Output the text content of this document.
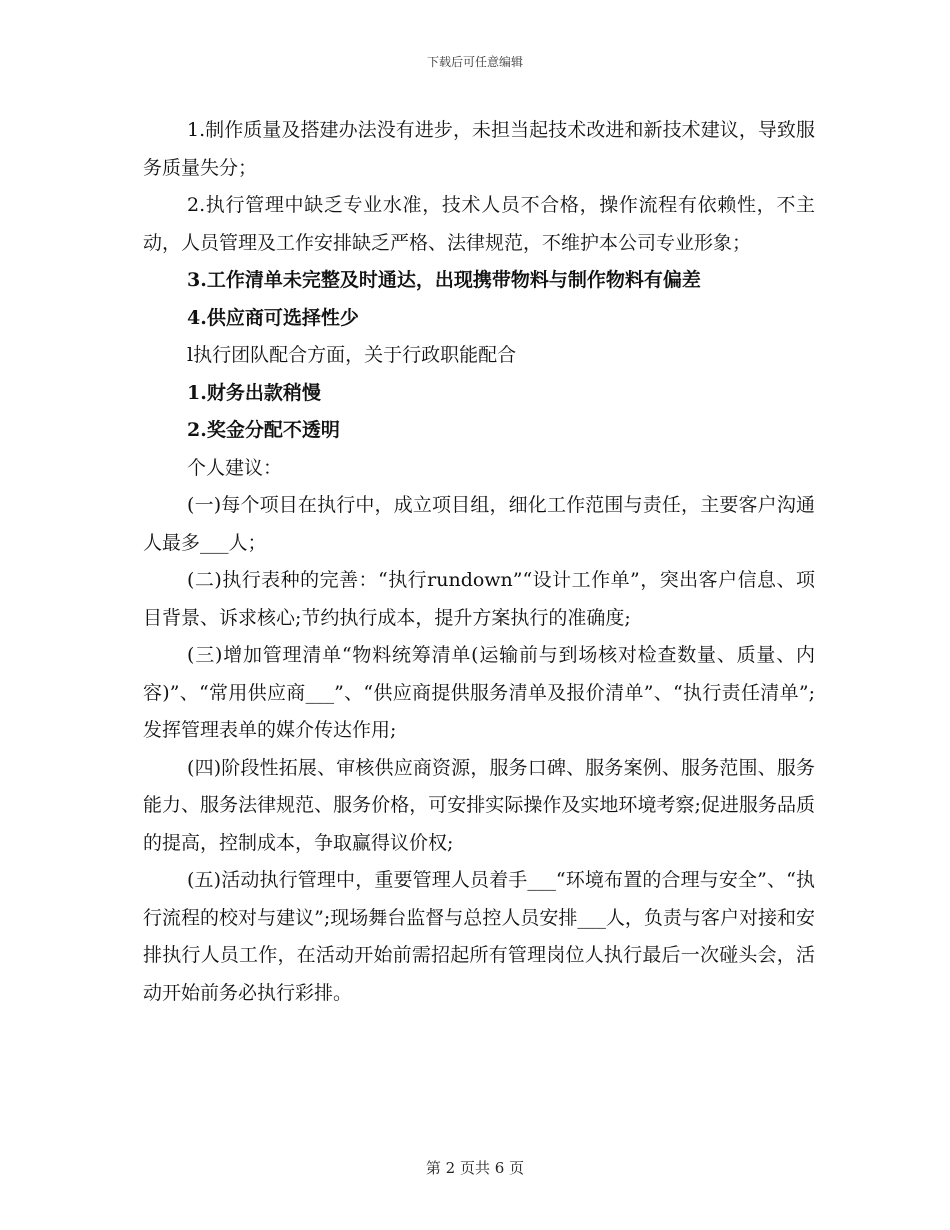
下载后可任意编辑

1.制作质量及搭建办法没有进步，未担当起技术改进和新技术建议，导致服务质量失分；

2.执行管理中缺乏专业水准，技术人员不合格，操作流程有依赖性，不主动，人员管理及工作安排缺乏严格、法律规范，不维护本公司专业形象；

3.工作清单未完整及时通达，出现携带物料与制作物料有偏差

4.供应商可选择性少

l执行团队配合方面，关于行政职能配合

1.财务出款稍慢

2.奖金分配不透明

个人建议：

(一)每个项目在执行中，成立项目组，细化工作范围与责任，主要客户沟通人最多___人；

(二)执行表种的完善：“执行rundown”“设计工作单”，突出客户信息、项目背景、诉求核心;节约执行成本，提升方案执行的准确度;

(三)增加管理清单“物料统筹清单(运输前与到场核对检查数量、质量、内容)”、“常用供应商___”、“供应商提供服务清单及报价清单”、“执行责任清单”;发挥管理表单的媒介传达作用;

(四)阶段性拓展、审核供应商资源，服务口碑、服务案例、服务范围、服务能力、服务法律规范、服务价格，可安排实际操作及实地环境考察;促进服务品质的提高，控制成本，争取赢得议价权;

(五)活动执行管理中，重要管理人员着手___“环境布置的合理与安全”、“执行流程的校对与建议”;现场舞台监督与总控人员安排___人，负责与客户对接和安排执行人员工作，在活动开始前需招起所有管理岗位人执行最后一次碰头会，活动开始前务必执行彩排。

第 2 页共 6 页
